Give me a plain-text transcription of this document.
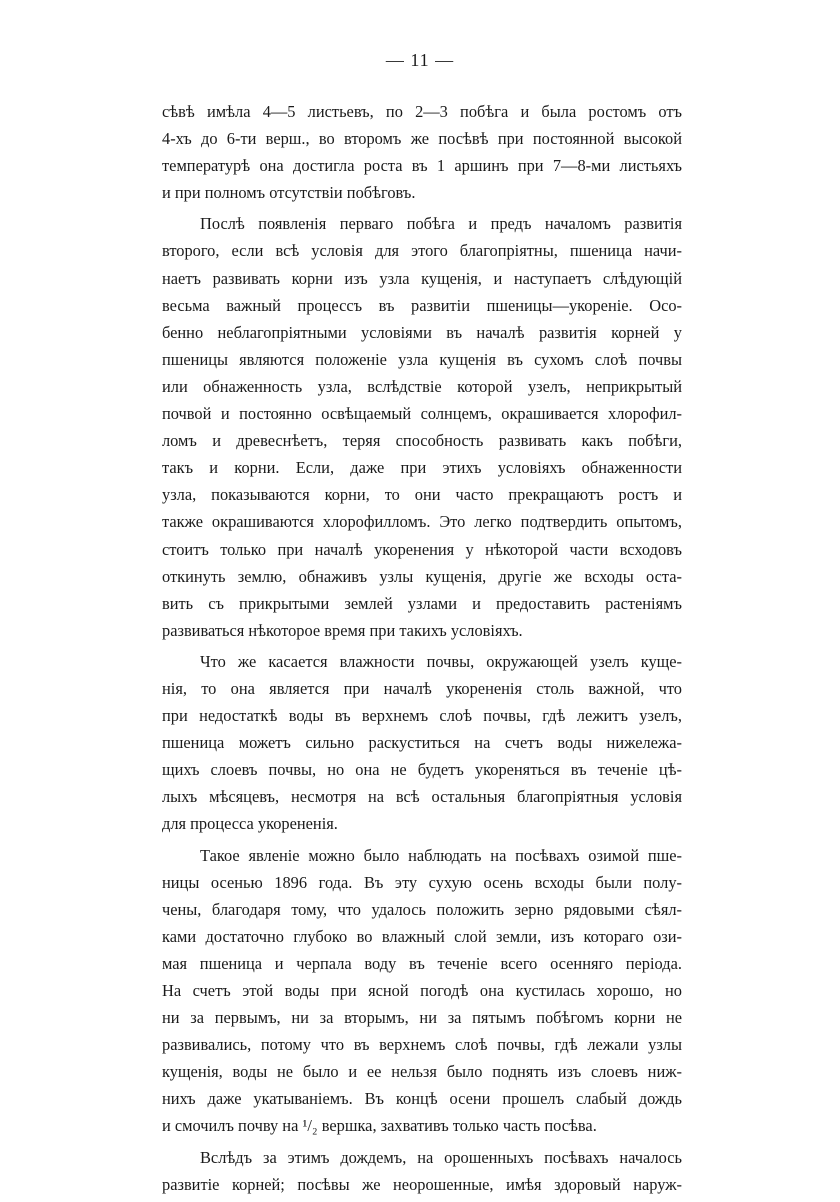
— 11 —
сѣвѣ имѣла 4—5 листьевъ, по 2—3 побѣга и была ростомъ отъ
4-хъ до 6-ти верш., во второмъ же посѣвѣ при постоянной высокой
температурѣ она достигла роста въ 1 аршинъ при 7—8-ми листьяхъ
и при полномъ отсутствіи побѣговъ.
Послѣ появленія перваго побѣга и предъ началомъ развитія
второго, если всѣ условія для этого благопріятны, пшеница начи-
наетъ развивать корни изъ узла кущенія, и наступаетъ слѣдующій
весьма важный процессъ въ развитіи пшеницы—укореніе. Осо-
бенно неблагопріятными условіями въ началѣ развитія корней у
пшеницы являются положеніе узла кущенія въ сухомъ слоѣ почвы
или обнаженность узла, вслѣдствіе которой узелъ, неприкрытый
почвой и постоянно освѣщаемый солнцемъ, окрашивается хлорофил-
ломъ и древеснѣетъ, теряя способность развивать какъ побѣги,
такъ и корни. Если, даже при этихъ условіяхъ обнаженности
узла, показываются корни, то они часто прекращаютъ ростъ и
также окрашиваются хлорофилломъ. Это легко подтвердить опытомъ,
стоитъ только при началѣ укоренения у нѣкоторой части всходовъ
откинуть землю, обнаживъ узлы кущенія, другіе же всходы оста-
вить съ прикрытыми землей узлами и предоставить растеніямъ
развиваться нѣкоторое время при такихъ условіяхъ.
Что же касается влажности почвы, окружающей узелъ куще-
нія, то она является при началѣ укорененія столь важной, что
при недостаткѣ воды въ верхнемъ слоѣ почвы, гдѣ лежитъ узелъ,
пшеница можетъ сильно раскуститься на счетъ воды нижележа-
щихъ слоевъ почвы, но она не будетъ укореняться въ теченіе цѣ-
лыхъ мѣсяцевъ, несмотря на всѣ остальныя благопріятныя условія
для процесса укорененія.
Такое явленіе можно было наблюдать на посѣвахъ озимой пше-
ницы осенью 1896 года. Въ эту сухую осень всходы были полу-
чены, благодаря тому, что удалось положить зерно рядовыми сѣял-
ками достаточно глубоко во влажный слой земли, изъ котораго ози-
мая пшеница и черпала воду въ теченіе всего осенняго періода.
На счетъ этой воды при ясной погодѣ она кустилась хорошо, но
ни за первымъ, ни за вторымъ, ни за пятымъ побѣгомъ корни не
развивались, потому что въ верхнемъ слоѣ почвы, гдѣ лежали узлы
кущенія, воды не было и ее нельзя было поднять изъ слоевъ ниж-
нихъ даже укатываніемъ. Въ концѣ осени прошелъ слабый дождь
и смочилъ почву на ¹/₂ вершка, захвативъ только часть посѣва.
Вслѣдъ за этимъ дождемъ, на орошенныхъ посѣвахъ началось
развитіе корней; посѣвы же неорошенные, имѣя здоровый наруж-
